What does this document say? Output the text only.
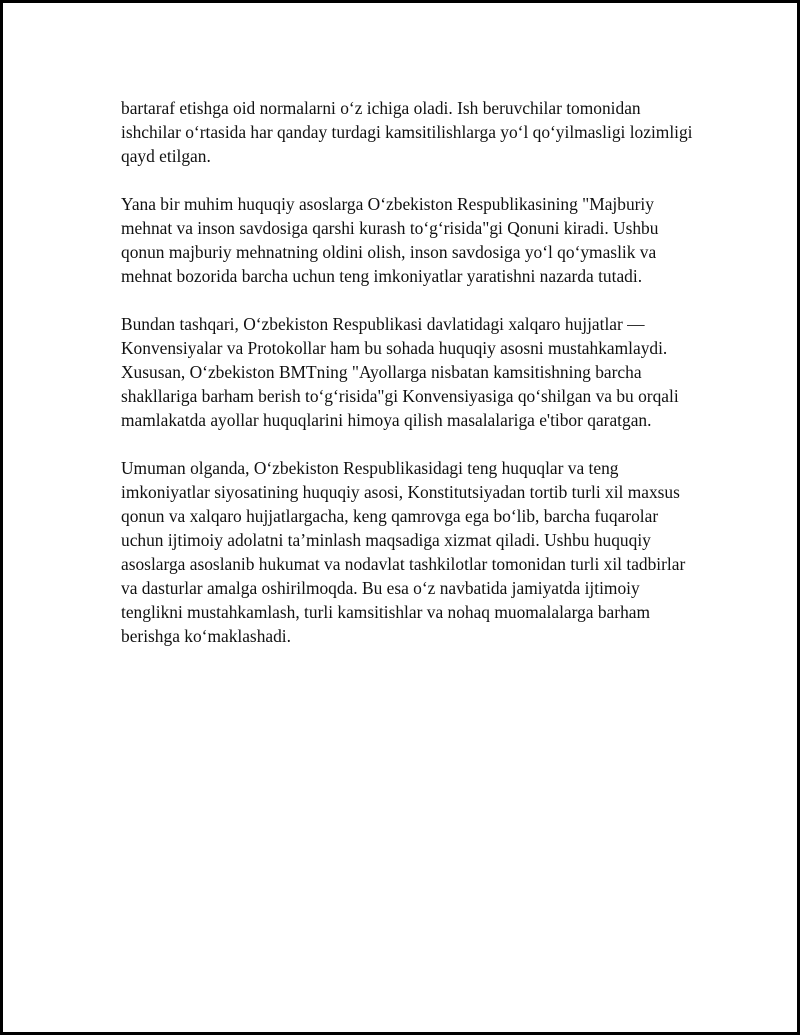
bartaraf etishga oid normalarni o‘z ichiga oladi. Ish beruvchilar tomonidan ishchilar o‘rtasida har qanday turdagi kamsitilishlarga yo‘l qo‘yilmasligi lozimligi qayd etilgan.

Yana bir muhim huquqiy asoslarga O‘zbekiston Respublikasining "Majburiy mehnat va inson savdosiga qarshi kurash to‘g‘risida"gi Qonuni kiradi. Ushbu qonun majburiy mehnatning oldini olish, inson savdosiga yo‘l qo‘ymaslik va mehnat bozorida barcha uchun teng imkoniyatlar yaratishni nazarda tutadi.

Bundan tashqari, O‘zbekiston Respublikasi davlatidagi xalqaro hujjatlar — Konvensiyalar va Protokollar ham bu sohada huquqiy asosni mustahkamlaydi. Xususan, O‘zbekiston BMTning "Ayollarga nisbatan kamsitishning barcha shakllariga barham berish to‘g‘risida"gi Konvensiyasiga qo‘shilgan va bu orqali mamlakatda ayollar huquqlarini himoya qilish masalalariga e'tibor qaratgan.

Umuman olganda, O‘zbekiston Respublikasidagi teng huquqlar va teng imkoniyatlar siyosatining huquqiy asosi, Konstitutsiyadan tortib turli xil maxsus qonun va xalqaro hujjatlargacha, keng qamrovga ega bo‘lib, barcha fuqarolar uchun ijtimoiy adolatni ta’minlash maqsadiga xizmat qiladi. Ushbu huquqiy asoslarga asoslanib hukumat va nodavlat tashkilotlar tomonidan turli xil tadbirlar va dasturlar amalga oshirilmoqda. Bu esa o‘z navbatida jamiyatda ijtimoiy tenglikni mustahkamlash, turli kamsitishlar va nohaq muomalalarga barham berishga ko‘maklashadi.
